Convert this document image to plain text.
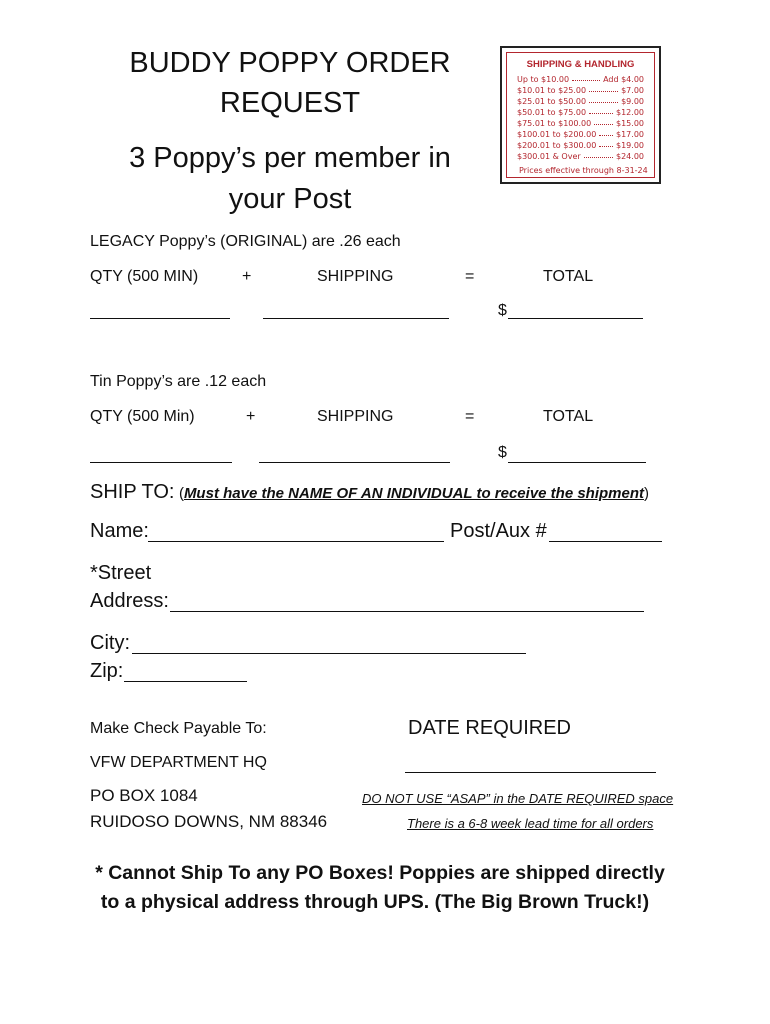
BUDDY POPPY ORDER
REQUEST
3 Poppy’s per member in
your Post
SHIPPING & HANDLING
Up to $10.00	Add $4.00
$10.01 to $25.00	$7.00
$25.01 to $50.00	$9.00
$50.01 to $75.00	$12.00
$75.01 to $100.00	$15.00
$100.01 to $200.00 $17.00
$200.01 to $300.00 $19.00
$300.01 & Over	$24.00
Prices effective through 8-31-24
LEGACY Poppy’s (ORIGINAL) are .26 each
QTY (500 MIN)	+	SHIPPING	=	TOTAL
$
Tin Poppy’s are .12 each
QTY (500 Min)	+	SHIPPING	=	TOTAL
$
SHIP TO: (Must have the NAME OF AN INDIVIDUAL to receive the shipment)
Name:	Post/Aux #
*Street
Address:
City:
Zip:
Make Check Payable To:
VFW DEPARTMENT HQ
PO BOX 1084
RUIDOSO DOWNS, NM 88346
DATE REQUIRED
DO NOT USE “ASAP” in the DATE REQUIRED space
There is a 6-8 week lead time for all orders
* Cannot Ship To any PO Boxes! Poppies are shipped directly
to a physical address through UPS. (The Big Brown Truck!)
